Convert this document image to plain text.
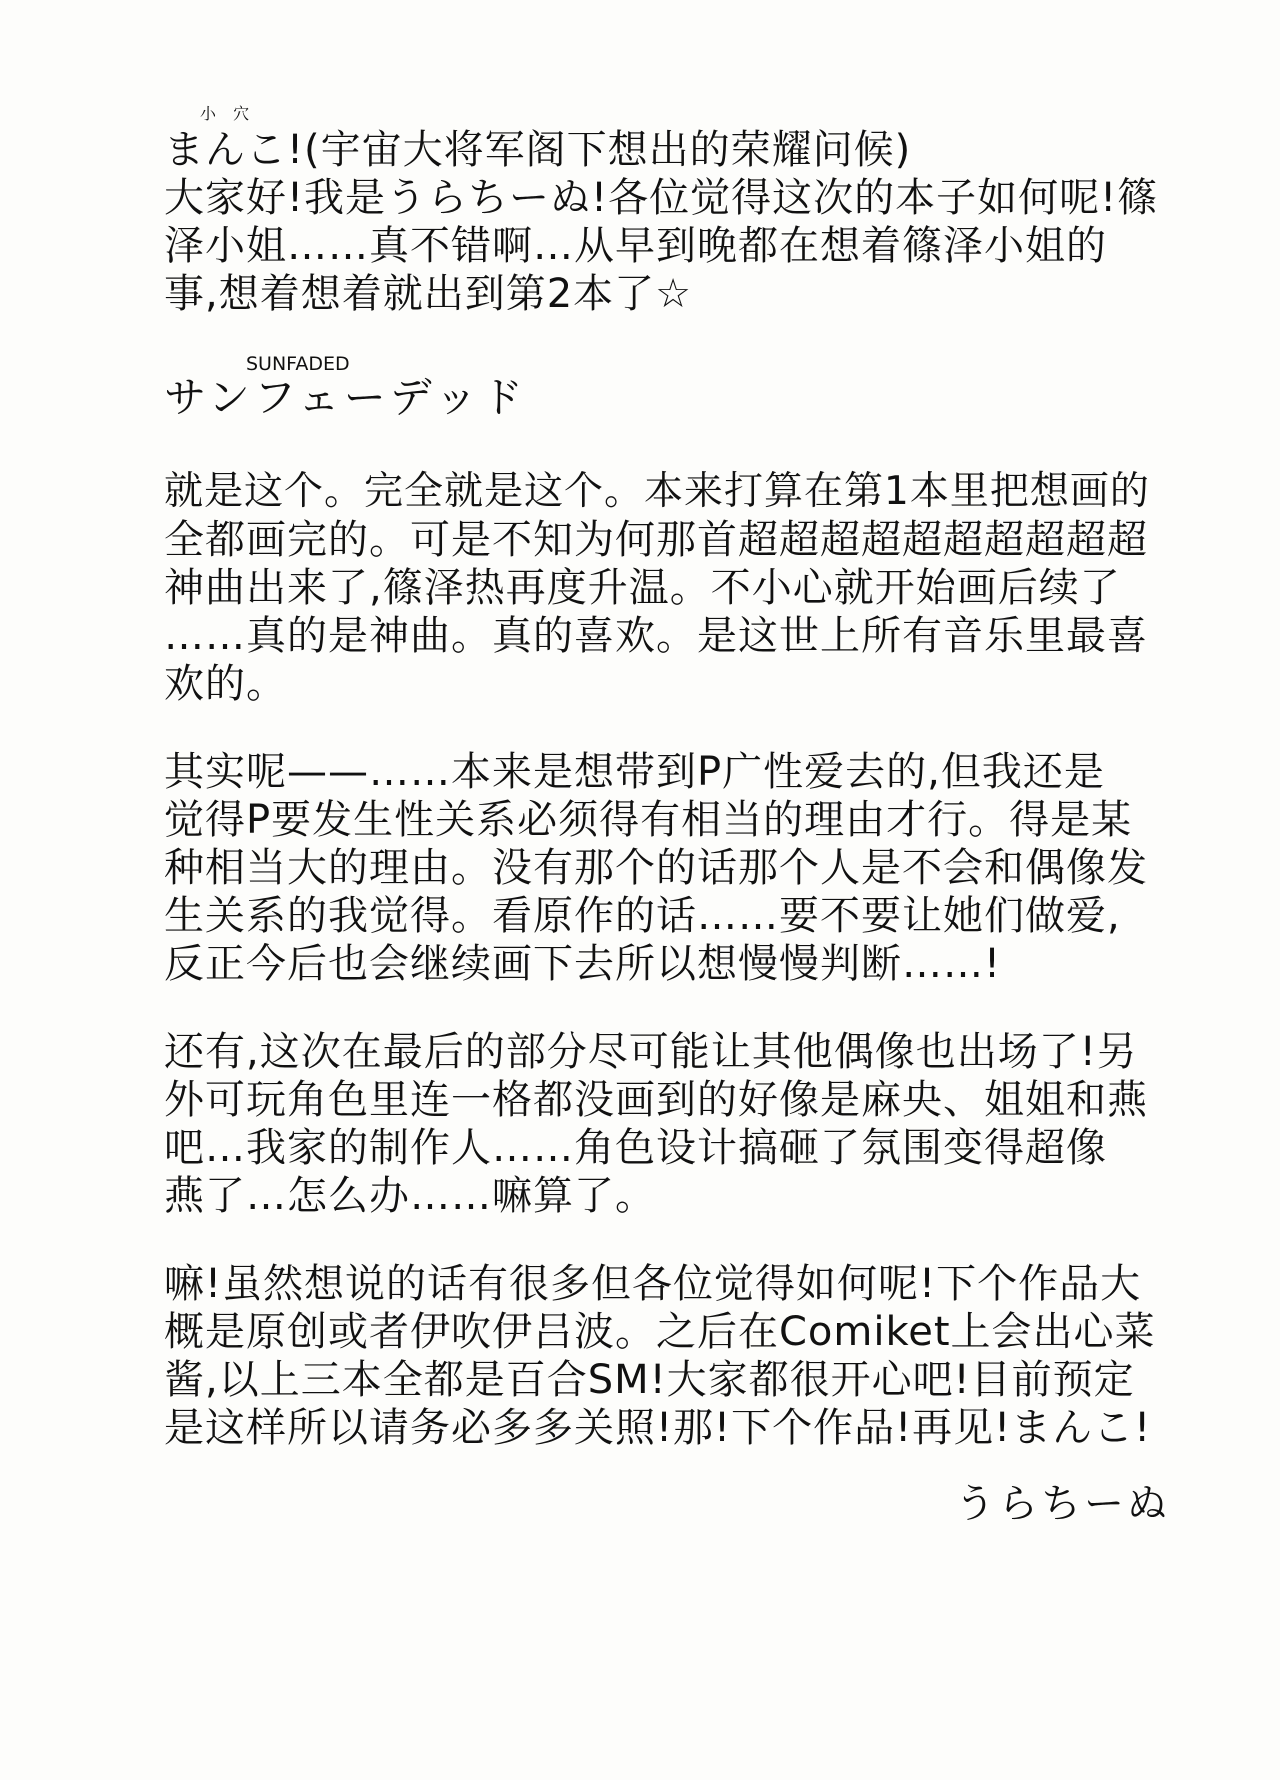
小 穴
まんこ!(宇宙大将军阁下想出的荣耀问候)
大家好!我是うらちーぬ!各位觉得这次的本子如何呢!篠
泽小姐……真不错啊…从早到晚都在想着篠泽小姐的
事,想着想着就出到第2本了☆
SUNFADED
サンフェーデッド
就是这个。完全就是这个。本来打算在第1本里把想画的
全都画完的。可是不知为何那首超超超超超超超超超超
神曲出来了,篠泽热再度升温。不小心就开始画后续了
……真的是神曲。真的喜欢。是这世上所有音乐里最喜
欢的。
其实呢——……本来是想带到P广性爱去的,但我还是
觉得P要发生性关系必须得有相当的理由才行。得是某
种相当大的理由。没有那个的话那个人是不会和偶像发
生关系的我觉得。看原作的话……要不要让她们做爱,
反正今后也会继续画下去所以想慢慢判断……!
还有,这次在最后的部分尽可能让其他偶像也出场了!另
外可玩角色里连一格都没画到的好像是麻央、姐姐和燕
吧…我家的制作人……角色设计搞砸了氛围变得超像
燕了…怎么办……嘛算了。
嘛!虽然想说的话有很多但各位觉得如何呢!下个作品大
概是原创或者伊吹伊吕波。之后在Comiket上会出心菜
酱,以上三本全都是百合SM!大家都很开心吧!目前预定
是这样所以请务必多多关照!那!下个作品!再见!まんこ!
うらちーぬ
